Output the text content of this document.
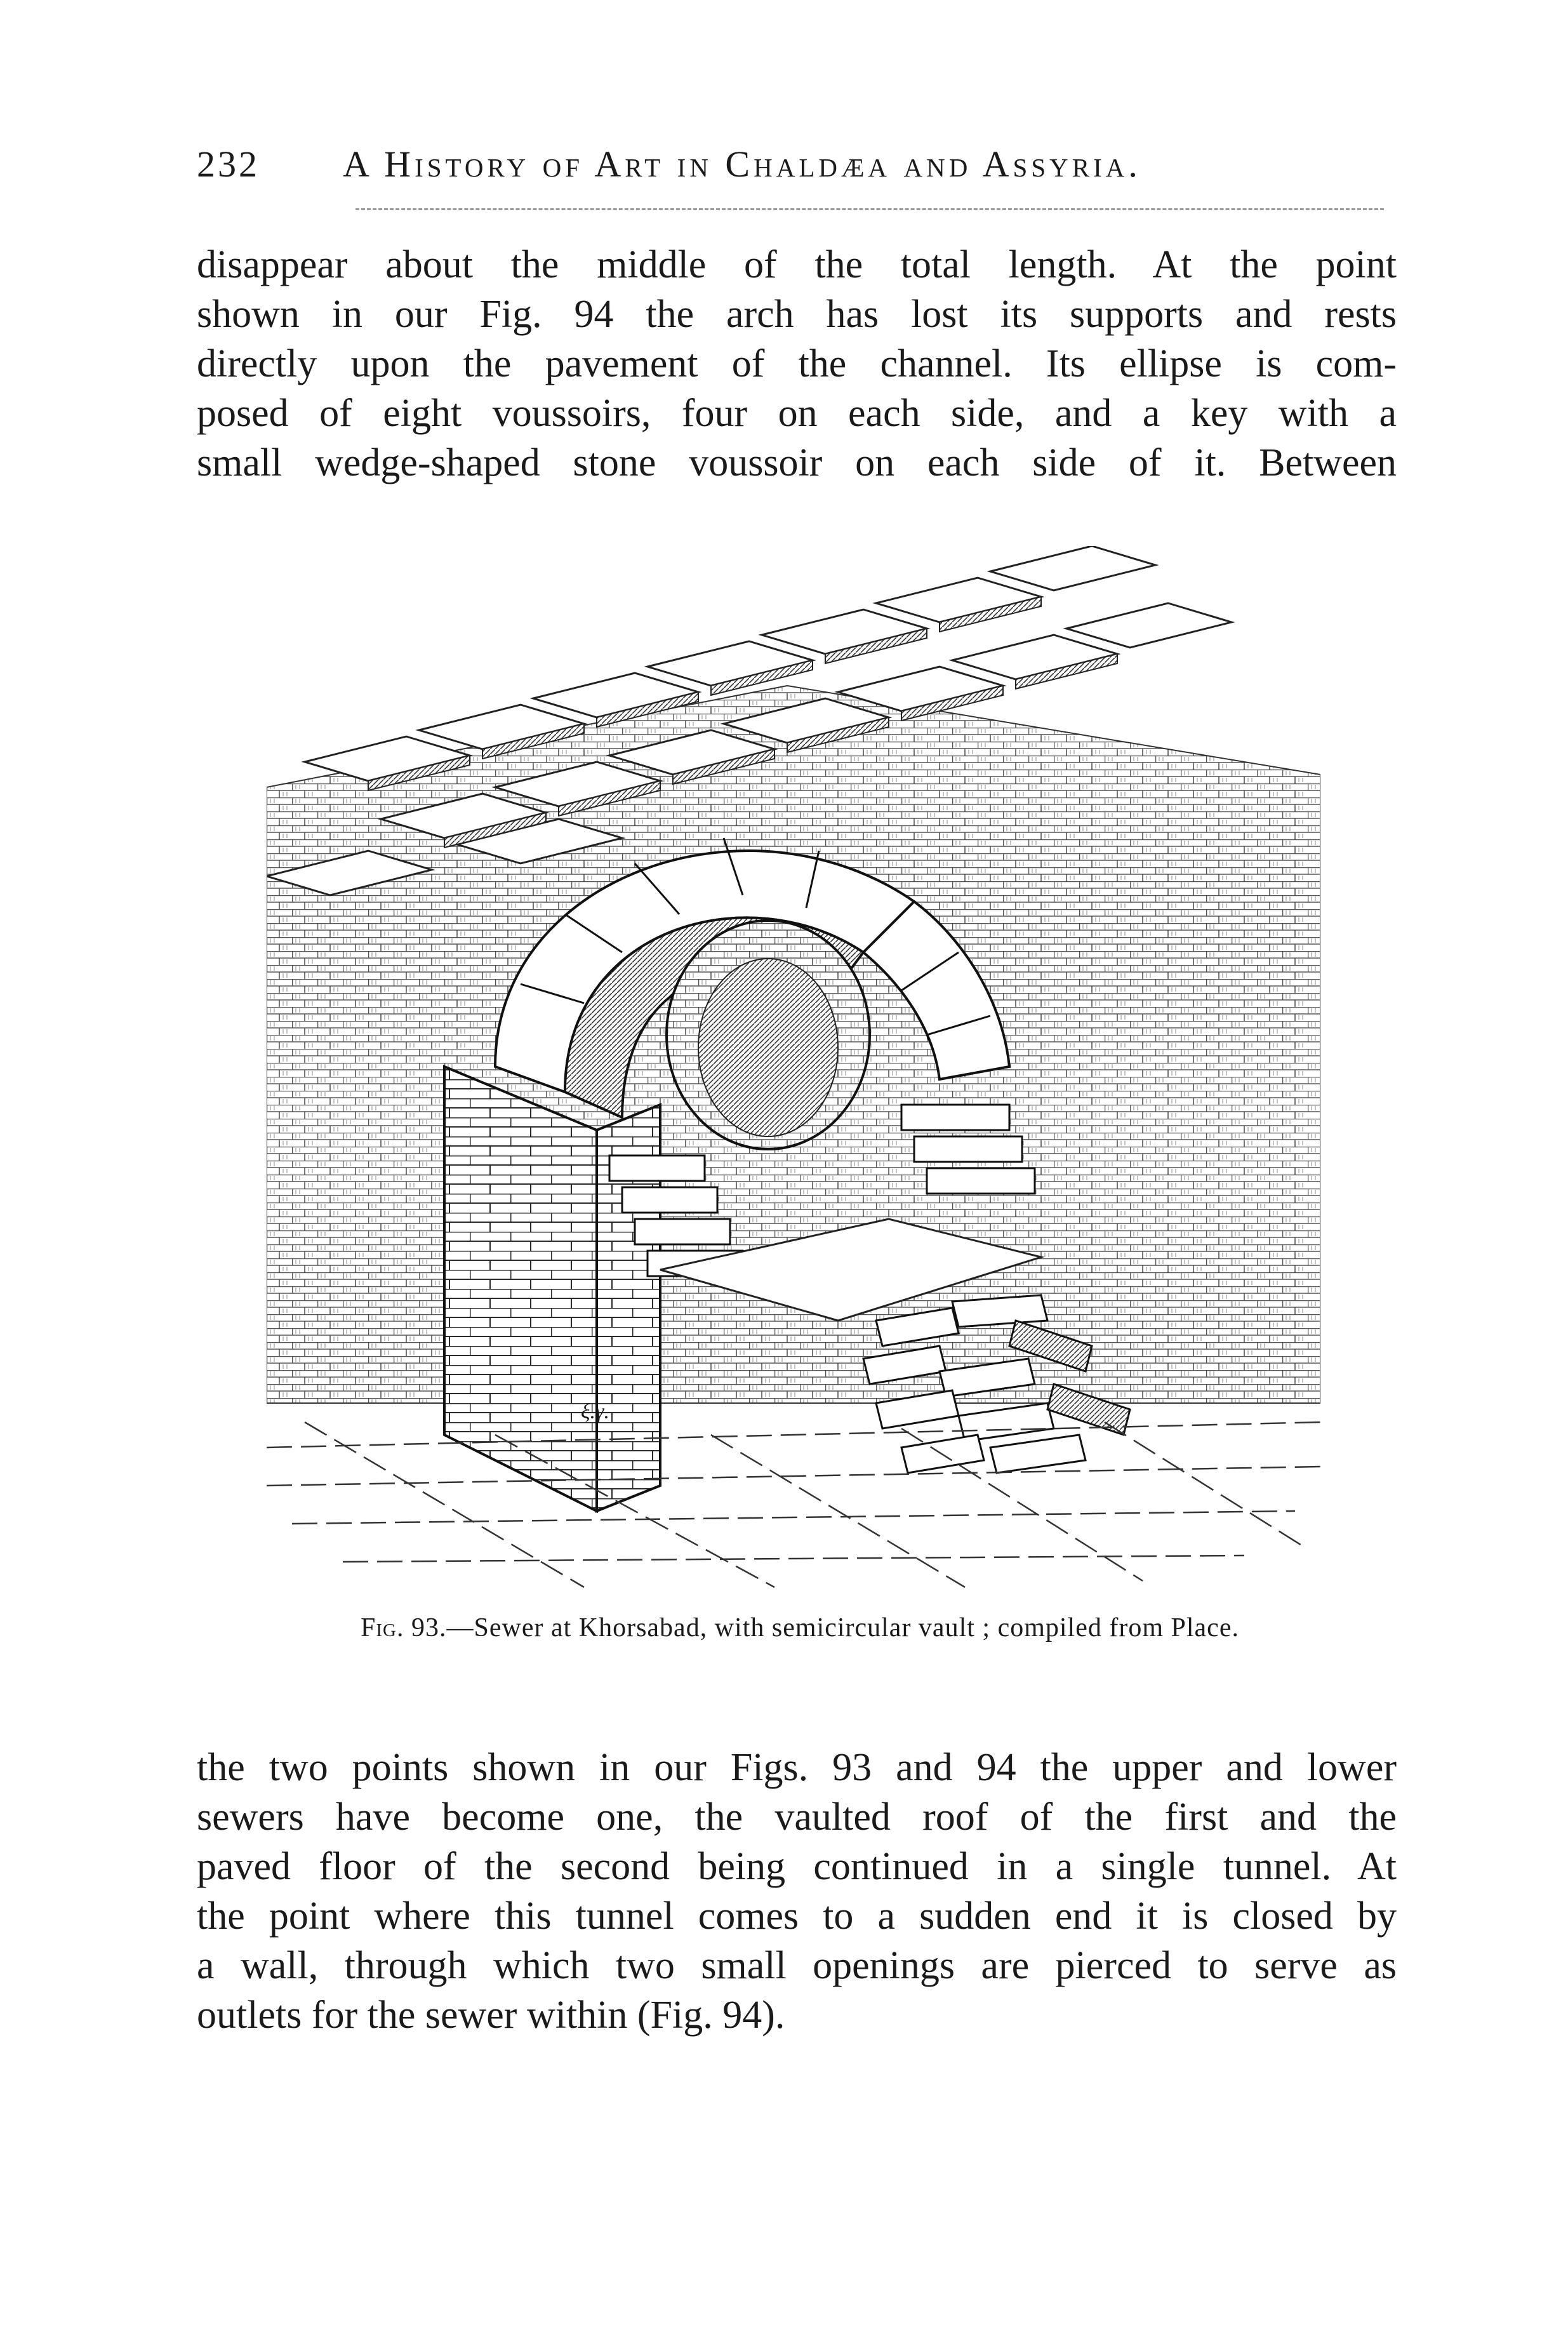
232 A History of Art in Chaldæa and Assyria.
disappear about the middle of the total length. At the point
shown in our Fig. 94 the arch has lost its supports and rests
directly upon the pavement of the channel. Its ellipse is com-
posed of eight voussoirs, four on each side, and a key with a
small wedge-shaped stone voussoir on each side of it. Between
Fig. 93.—Sewer at Khorsabad, with semicircular vault ; compiled from Place.
ξ.γ.
the two points shown in our Figs. 93 and 94 the upper and lower
sewers have become one, the vaulted roof of the first and the
paved floor of the second being continued in a single tunnel. At
the point where this tunnel comes to a sudden end it is closed by
a wall, through which two small openings are pierced to serve as
outlets for the sewer within (Fig. 94).
